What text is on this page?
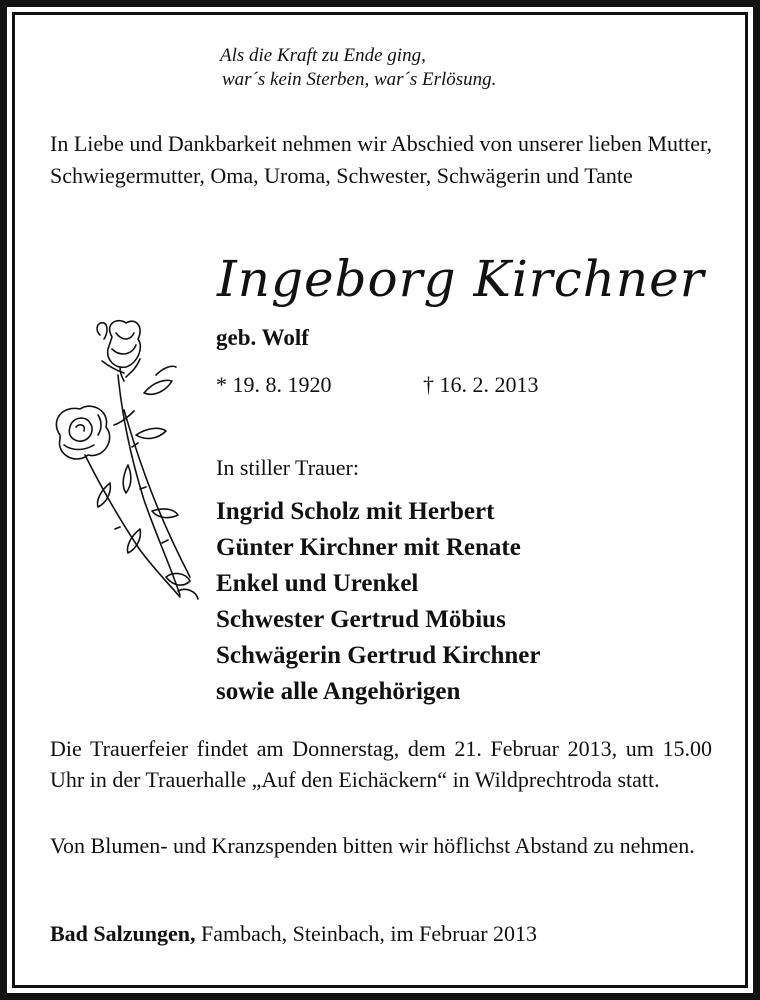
Als die Kraft zu Ende ging,
war´s kein Sterben, war´s Erlösung.
In Liebe und Dankbarkeit nehmen wir Abschied von unserer lieben Mutter, Schwiegermutter, Oma, Uroma, Schwester, Schwägerin und Tante
Ingeborg Kirchner
geb. Wolf
* 19. 8. 1920	† 16. 2. 2013
In stiller Trauer:
Ingrid Scholz mit Herbert
Günter Kirchner mit Renate
Enkel und Urenkel
Schwester Gertrud Möbius
Schwägerin Gertrud Kirchner
sowie alle Angehörigen
Die Trauerfeier findet am Donnerstag, dem 21. Februar 2013, um 15.00 Uhr in der Trauerhalle „Auf den Eichäckern“ in Wildprechtroda statt.
Von Blumen- und Kranzspenden bitten wir höflichst Abstand zu nehmen.
Bad Salzungen, Fambach, Steinbach, im Februar 2013
